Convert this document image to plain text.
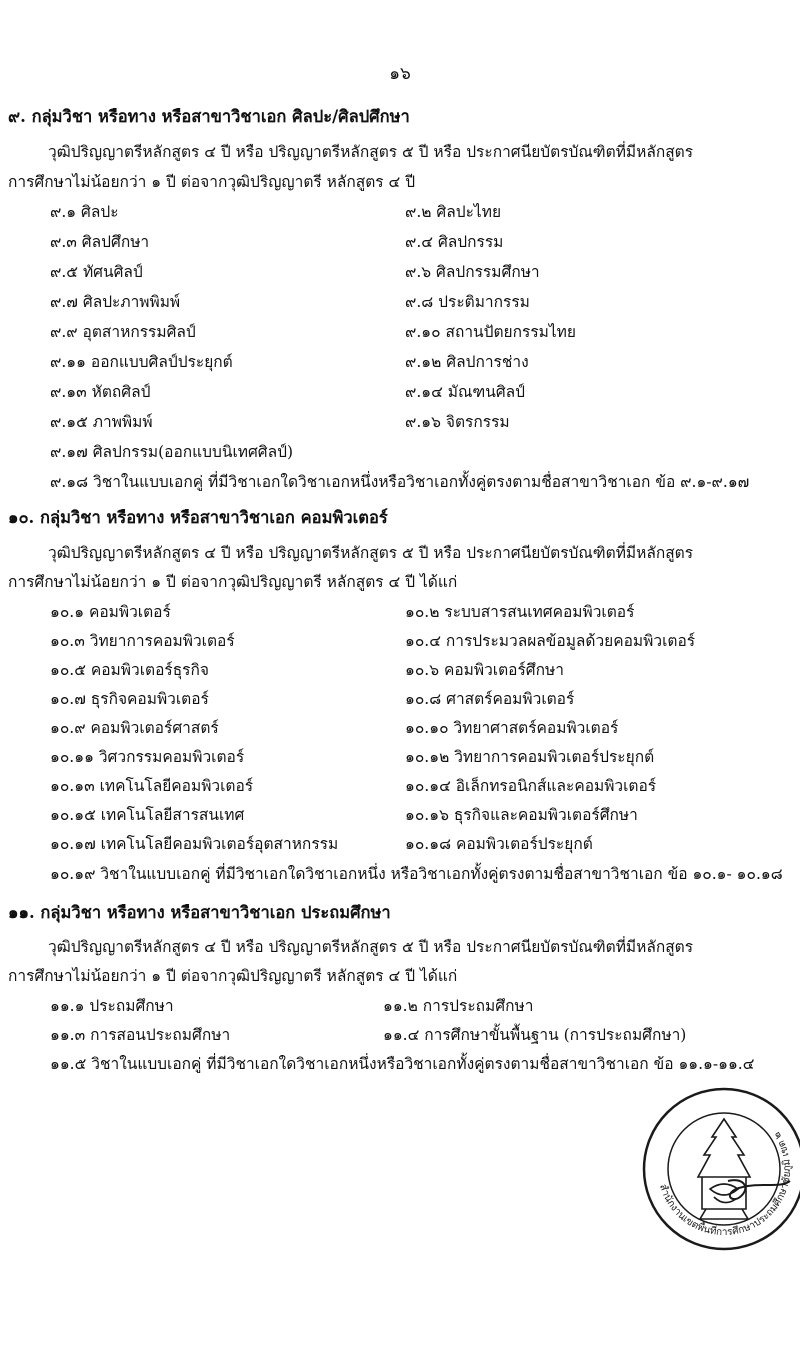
๑๖
๙. กลุ่มวิชา หรือทาง หรือสาขาวิชาเอก ศิลปะ/ศิลปศึกษา
วุฒิปริญญาตรีหลักสูตร ๔ ปี หรือ ปริญญาตรีหลักสูตร ๕ ปี หรือ ประกาศนียบัตรบัณฑิตที่มีหลักสูตร
การศึกษาไม่น้อยกว่า ๑ ปี ต่อจากวุฒิปริญญาตรี หลักสูตร ๔ ปี
๙.๑ ศิลปะ	๙.๒ ศิลปะไทย
๙.๓ ศิลปศึกษา	๙.๔ ศิลปกรรม
๙.๕ ทัศนศิลป์	๙.๖ ศิลปกรรมศึกษา
๙.๗ ศิลปะภาพพิมพ์	๙.๘ ประติมากรรม
๙.๙ อุตสาหกรรมศิลป์	๙.๑๐ สถานปัตยกรรมไทย
๙.๑๑ ออกแบบศิลป์ประยุกต์	๙.๑๒ ศิลปการช่าง
๙.๑๓ หัตถศิลป์	๙.๑๔ มัณฑนศิลป์
๙.๑๕ ภาพพิมพ์	๙.๑๖ จิตรกรรม
๙.๑๗ ศิลปกรรม(ออกแบบนิเทศศิลป์)
๙.๑๘ วิชาในแบบเอกคู่ ที่มีวิชาเอกใดวิชาเอกหนึ่งหรือวิชาเอกทั้งคู่ตรงตามชื่อสาขาวิชาเอก ข้อ ๙.๑-๙.๑๗
๑๐. กลุ่มวิชา หรือทาง หรือสาขาวิชาเอก คอมพิวเตอร์
วุฒิปริญญาตรีหลักสูตร ๔ ปี หรือ ปริญญาตรีหลักสูตร ๕ ปี หรือ ประกาศนียบัตรบัณฑิตที่มีหลักสูตร
การศึกษาไม่น้อยกว่า ๑ ปี ต่อจากวุฒิปริญญาตรี หลักสูตร ๔ ปี ได้แก่
๑๐.๑ คอมพิวเตอร์	๑๐.๒ ระบบสารสนเทศคอมพิวเตอร์
๑๐.๓ วิทยาการคอมพิวเตอร์	๑๐.๔ การประมวลผลข้อมูลด้วยคอมพิวเตอร์
๑๐.๕ คอมพิวเตอร์ธุรกิจ	๑๐.๖ คอมพิวเตอร์ศึกษา
๑๐.๗ ธุรกิจคอมพิวเตอร์	๑๐.๘ ศาสตร์คอมพิวเตอร์
๑๐.๙ คอมพิวเตอร์ศาสตร์	๑๐.๑๐ วิทยาศาสตร์คอมพิวเตอร์
๑๐.๑๑ วิศวกรรมคอมพิวเตอร์	๑๐.๑๒ วิทยาการคอมพิวเตอร์ประยุกต์
๑๐.๑๓ เทคโนโลยีคอมพิวเตอร์	๑๐.๑๔ อิเล็กทรอนิกส์และคอมพิวเตอร์
๑๐.๑๕ เทคโนโลยีสารสนเทศ	๑๐.๑๖ ธุรกิจและคอมพิวเตอร์ศึกษา
๑๐.๑๗ เทคโนโลยีคอมพิวเตอร์อุตสาหกรรม	๑๐.๑๘ คอมพิวเตอร์ประยุกต์
๑๐.๑๙ วิชาในแบบเอกคู่ ที่มีวิชาเอกใดวิชาเอกหนึ่ง หรือวิชาเอกทั้งคู่ตรงตามชื่อสาขาวิชาเอก ข้อ ๑๐.๑- ๑๐.๑๘
๑๑. กลุ่มวิชา หรือทาง หรือสาขาวิชาเอก ประถมศึกษา
วุฒิปริญญาตรีหลักสูตร ๔ ปี หรือ ปริญญาตรีหลักสูตร ๕ ปี หรือ ประกาศนียบัตรบัณฑิตที่มีหลักสูตร
การศึกษาไม่น้อยกว่า ๑ ปี ต่อจากวุฒิปริญญาตรี หลักสูตร ๔ ปี ได้แก่
๑๑.๑ ประถมศึกษา	๑๑.๒ การประถมศึกษา
๑๑.๓ การสอนประถมศึกษา	๑๑.๔ การศึกษาขั้นพื้นฐาน (การประถมศึกษา)
๑๑.๕ วิชาในแบบเอกคู่ ที่มีวิชาเอกใดวิชาเอกหนึ่งหรือวิชาเอกทั้งคู่ตรงตามชื่อสาขาวิชาเอก ข้อ ๑๑.๑-๑๑.๔
สำนักงานเขตพื้นที่การศึกษาประถมศึกษาชัยภูมิ เขต ๒
